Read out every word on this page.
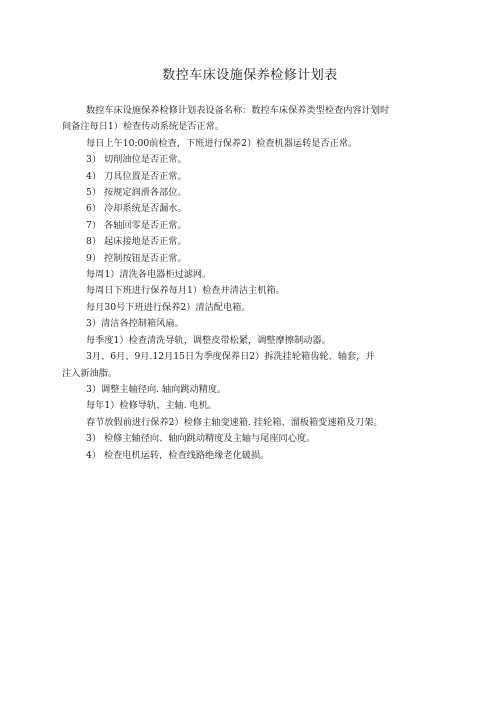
数控车床设施保养检修计划表

数控车床设施保养检修计划表设备名称：数控车床保养类型检查内容计划时

间备注每日1）检查传动系统是否正常。

每日上午10:00前检查，下班进行保养2）检查机器运转是否正常。

3） 切削油位是否正常。

4） 刀具位置是否正常。

5） 按规定润滑各部位。

6） 冷却系统是否漏水。

7） 各轴回零是否正常。

8） 起床接地是否正常。

9） 控制按钮是否正常。

每周1）清洗各电器柜过滤网。

每周日下班进行保养每月1）检查并清洁主机箱。

每月30号下班进行保养2）清洁配电箱。

3）清洁各控制箱风扇。

每季度1）检查清洗导轨，调整皮带松紧，调整摩擦制动器。

3月、6月、9月.12月15日为季度保养日2）拆洗挂轮箱齿轮、轴套，并

注入新油脂。

3）调整主轴径向. 轴向跳动精度。

每年1）检修导轨、主轴. 电机。

春节放假前进行保养2）检修主轴变速箱. 挂轮箱、溜板箱变速箱及刀架。

3） 检修主轴径向、轴向跳动精度及主轴与尾座同心度。

4） 检查电机运转，检查线路绝缘老化破损。
